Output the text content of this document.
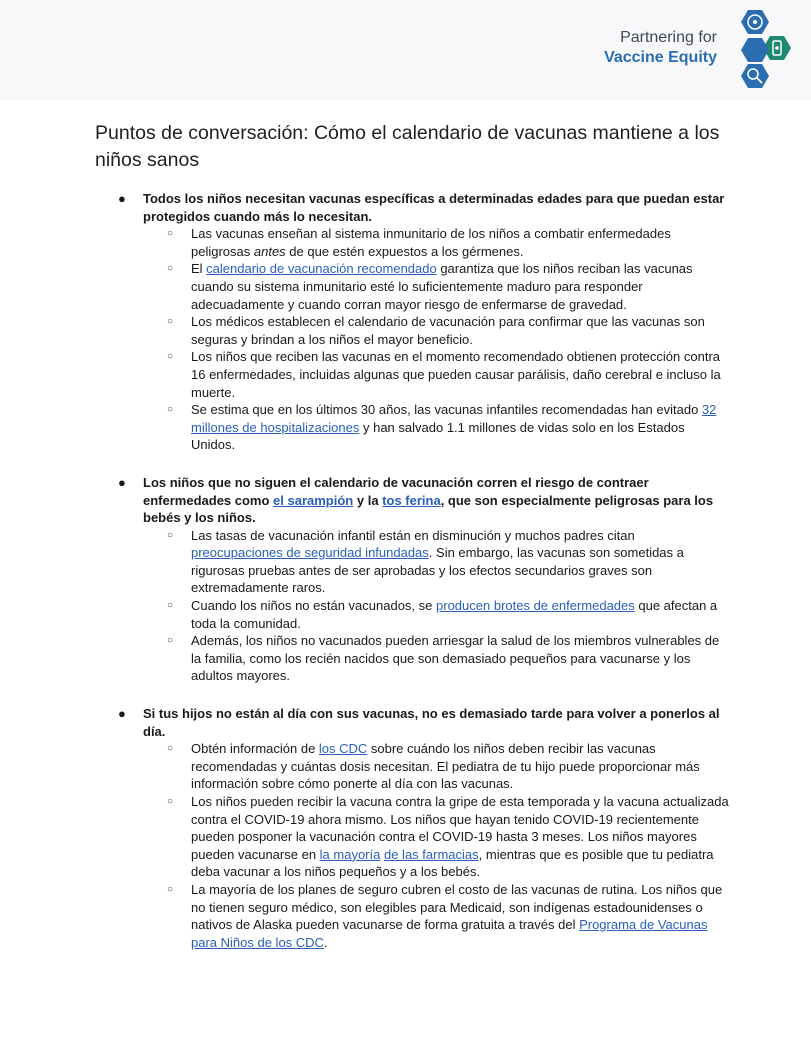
Partnering for
Vaccine Equity
Puntos de conversación: Cómo el calendario de vacunas mantiene a los niños sanos
● Todos los niños necesitan vacunas específicas a determinadas edades para que puedan estar protegidos cuando más lo necesitan.
○ Las vacunas enseñan al sistema inmunitario de los niños a combatir enfermedades peligrosas antes de que estén expuestos a los gérmenes.
○ El calendario de vacunación recomendado garantiza que los niños reciban las vacunas cuando su sistema inmunitario esté lo suficientemente maduro para responder adecuadamente y cuando corran mayor riesgo de enfermarse de gravedad.
○ Los médicos establecen el calendario de vacunación para confirmar que las vacunas son seguras y brindan a los niños el mayor beneficio.
○ Los niños que reciben las vacunas en el momento recomendado obtienen protección contra 16 enfermedades, incluidas algunas que pueden causar parálisis, daño cerebral e incluso la muerte.
○ Se estima que en los últimos 30 años, las vacunas infantiles recomendadas han evitado 32 millones de hospitalizaciones y han salvado 1.1 millones de vidas solo en los Estados Unidos.
● Los niños que no siguen el calendario de vacunación corren el riesgo de contraer enfermedades como el sarampión y la tos ferina, que son especialmente peligrosas para los bebés y los niños.
○ Las tasas de vacunación infantil están en disminución y muchos padres citan preocupaciones de seguridad infundadas. Sin embargo, las vacunas son sometidas a rigurosas pruebas antes de ser aprobadas y los efectos secundarios graves son extremadamente raros.
○ Cuando los niños no están vacunados, se producen brotes de enfermedades que afectan a toda la comunidad.
○ Además, los niños no vacunados pueden arriesgar la salud de los miembros vulnerables de la familia, como los recién nacidos que son demasiado pequeños para vacunarse y los adultos mayores.
● Si tus hijos no están al día con sus vacunas, no es demasiado tarde para volver a ponerlos al día.
○ Obtén información de los CDC sobre cuándo los niños deben recibir las vacunas recomendadas y cuántas dosis necesitan. El pediatra de tu hijo puede proporcionar más información sobre cómo ponerte al día con las vacunas.
○ Los niños pueden recibir la vacuna contra la gripe de esta temporada y la vacuna actualizada contra el COVID-19 ahora mismo. Los niños que hayan tenido COVID-19 recientemente pueden posponer la vacunación contra el COVID-19 hasta 3 meses. Los niños mayores pueden vacunarse en la mayoría de las farmacias, mientras que es posible que tu pediatra deba vacunar a los niños pequeños y a los bebés.
○ La mayoría de los planes de seguro cubren el costo de las vacunas de rutina. Los niños que no tienen seguro médico, son elegibles para Medicaid, son indígenas estadounidenses o nativos de Alaska pueden vacunarse de forma gratuita a través del Programa de Vacunas para Niños de los CDC.
